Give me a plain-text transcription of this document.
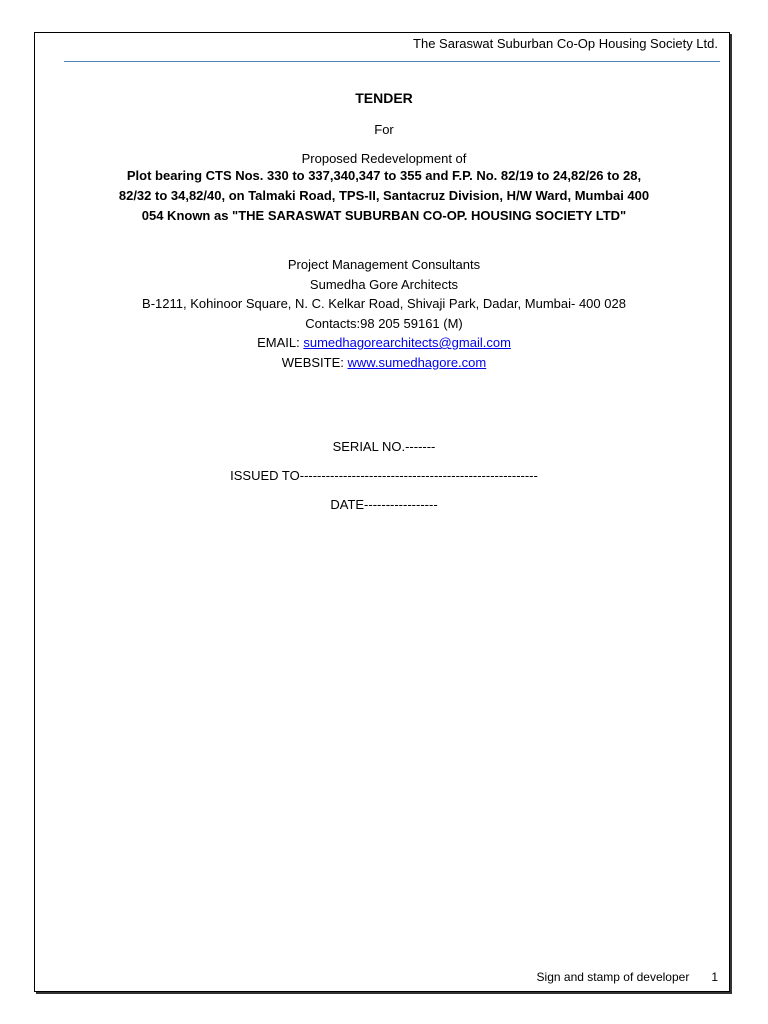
The Saraswat Suburban Co-Op Housing Society Ltd.
TENDER
For
Proposed Redevelopment of
Plot bearing CTS Nos. 330 to 337,340,347 to 355 and F.P. No. 82/19 to 24,82/26 to 28,
82/32 to 34,82/40, on Talmaki Road, TPS-II, Santacruz Division, H/W Ward, Mumbai 400
054 Known as "THE SARASWAT SUBURBAN CO-OP. HOUSING SOCIETY LTD"
Project Management Consultants
Sumedha Gore Architects
B-1211, Kohinoor Square, N. C. Kelkar Road, Shivaji Park, Dadar, Mumbai- 400 028
Contacts:98 205 59161 (M)
EMAIL: sumedhagorearchitects@gmail.com
WEBSITE: www.sumedhagore.com
SERIAL NO.-------
ISSUED TO-------------------------------------------------------
DATE-----------------
Sign and stamp of developer 1
